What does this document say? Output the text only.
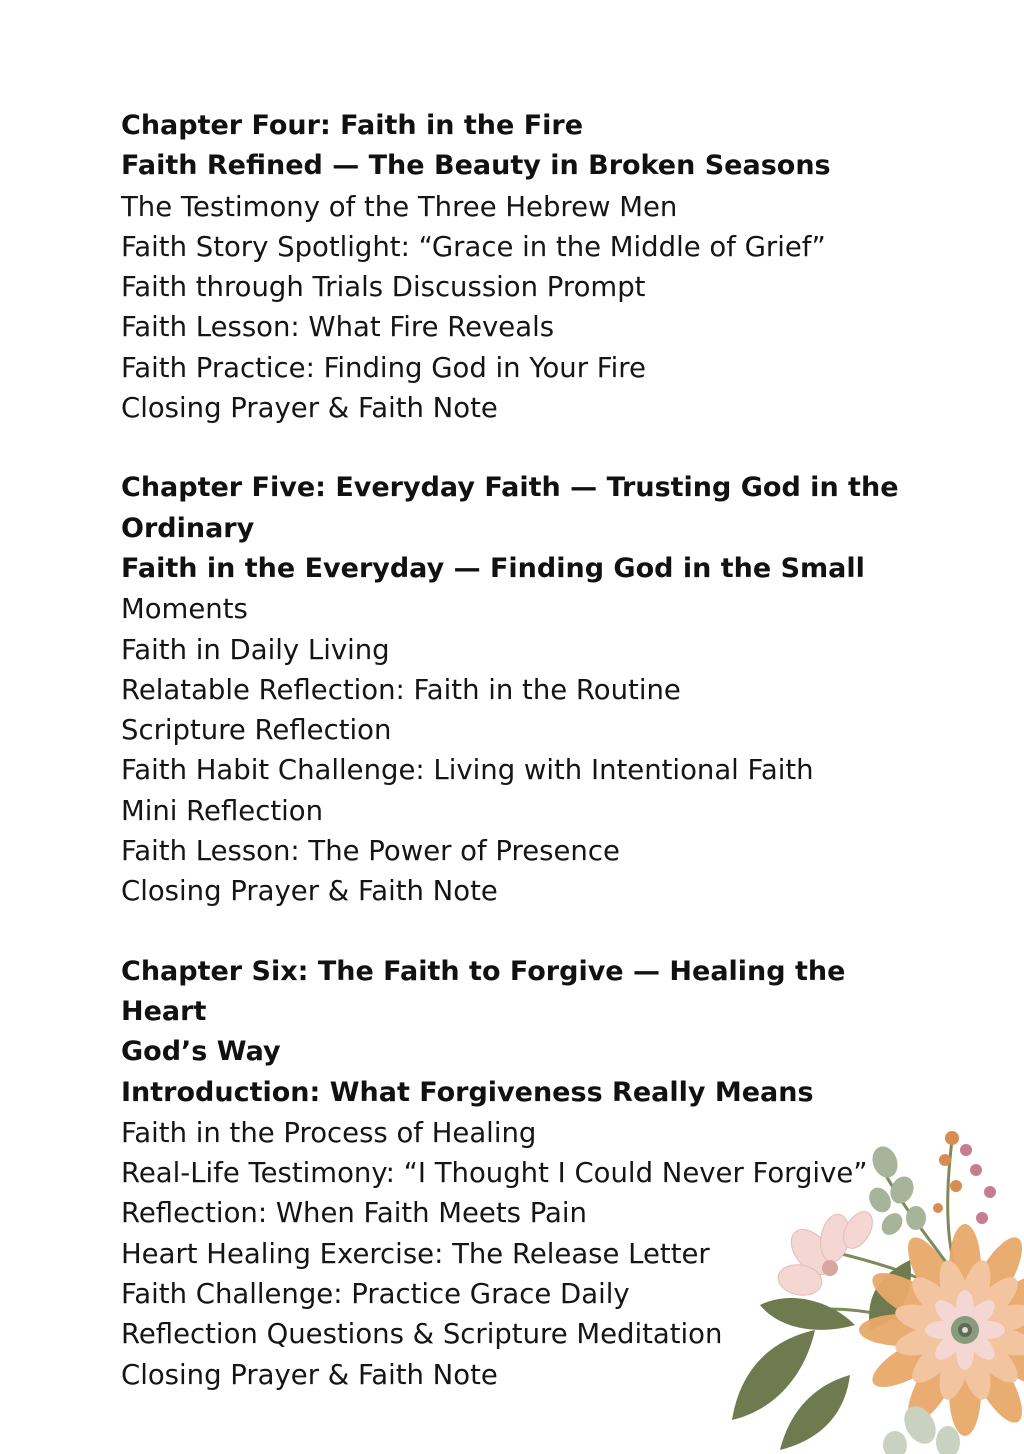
Chapter Four: Faith in the Fire
Faith Refined — The Beauty in Broken Seasons
The Testimony of the Three Hebrew Men
Faith Story Spotlight: “Grace in the Middle of Grief”
Faith through Trials Discussion Prompt
Faith Lesson: What Fire Reveals
Faith Practice: Finding God in Your Fire
Closing Prayer & Faith Note
Chapter Five: Everyday Faith — Trusting God in the
Ordinary
Faith in the Everyday — Finding God in the Small
Moments
Faith in Daily Living
Relatable Reflection: Faith in the Routine
Scripture Reflection
Faith Habit Challenge: Living with Intentional Faith
Mini Reflection
Faith Lesson: The Power of Presence
Closing Prayer & Faith Note
Chapter Six: The Faith to Forgive — Healing the Heart
God’s Way
Introduction: What Forgiveness Really Means
Faith in the Process of Healing
Real-Life Testimony: “I Thought I Could Never Forgive”
Reflection: When Faith Meets Pain
Heart Healing Exercise: The Release Letter
Faith Challenge: Practice Grace Daily
Reflection Questions & Scripture Meditation
Closing Prayer & Faith Note
